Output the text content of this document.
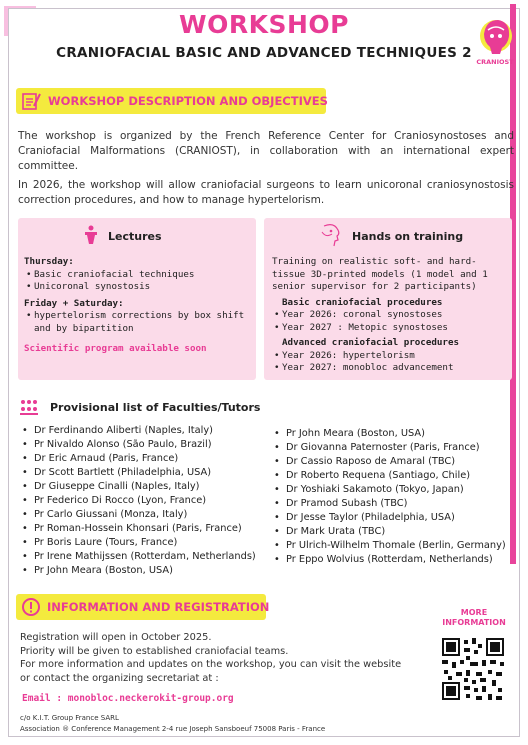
WORKSHOP
CRANIOFACIAL BASIC AND ADVANCED TECHNIQUES 2
CRANIOST
WORKSHOP DESCRIPTION AND OBJECTIVES
The workshop is organized by the French Reference Center for Craniosynostoses and Craniofacial Malformations (CRANIOST), in collaboration with an international expert committee.
In 2026, the workshop will allow craniofacial surgeons to learn unicoronal craniosynostosis correction procedures, and how to manage hypertelorism.
Lectures
Thursday:
• Basic craniofacial techniques
• Unicoronal synostosis
Friday + Saturday:
• hypertelorism corrections by box shift and by bipartition
Scientific program available soon
Hands on training
Training on realistic soft- and hard-tissue 3D-printed models (1 model and 1 senior supervisor for 2 participants)
Basic craniofacial procedures
• Year 2026: coronal synostoses
• Year 2027 : Metopic synostoses
Advanced craniofacial procedures
• Year 2026: hypertelorism
• Year 2027: monobloc advancement
Provisional list of Faculties/Tutors
• Dr Ferdinando Aliberti (Naples, Italy)
• Pr Nivaldo Alonso (São Paulo, Brazil)
• Dr Eric Arnaud (Paris, France)
• Dr Scott Bartlett (Philadelphia, USA)
• Dr Giuseppe Cinalli (Naples, Italy)
• Pr Federico Di Rocco (Lyon, France)
• Pr Carlo Giussani (Monza, Italy)
• Pr Roman-Hossein Khonsari (Paris, France)
• Pr Boris Laure (Tours, France)
• Pr Irene Mathijssen (Rotterdam, Netherlands)
• Pr John Meara (Boston, USA)
• Pr John Meara (Boston, USA)
• Dr Giovanna Paternoster (Paris, France)
• Dr Cassio Raposo de Amaral (TBC)
• Dr Roberto Requena (Santiago, Chile)
• Dr Yoshiaki Sakamoto (Tokyo, Japan)
• Dr Pramod Subash (TBC)
• Dr Jesse Taylor (Philadelphia, USA)
• Dr Mark Urata (TBC)
• Pr Ulrich-Wilhelm Thomale (Berlin, Germany)
• Pr Eppo Wolvius (Rotterdam, Netherlands)
INFORMATION AND REGISTRATION
Registration will open in October 2025.
Priority will be given to established craniofacial teams.
For more information and updates on the workshop, you can visit the website
or contact the organizing secretariat at :
Email : monobloc.neckerokit-group.org
MORE INFORMATION
c/o K.I.T. Group France SARL
Association ® Conference Management 2-4 rue Joseph Sansboeuf 75008 Paris - France
